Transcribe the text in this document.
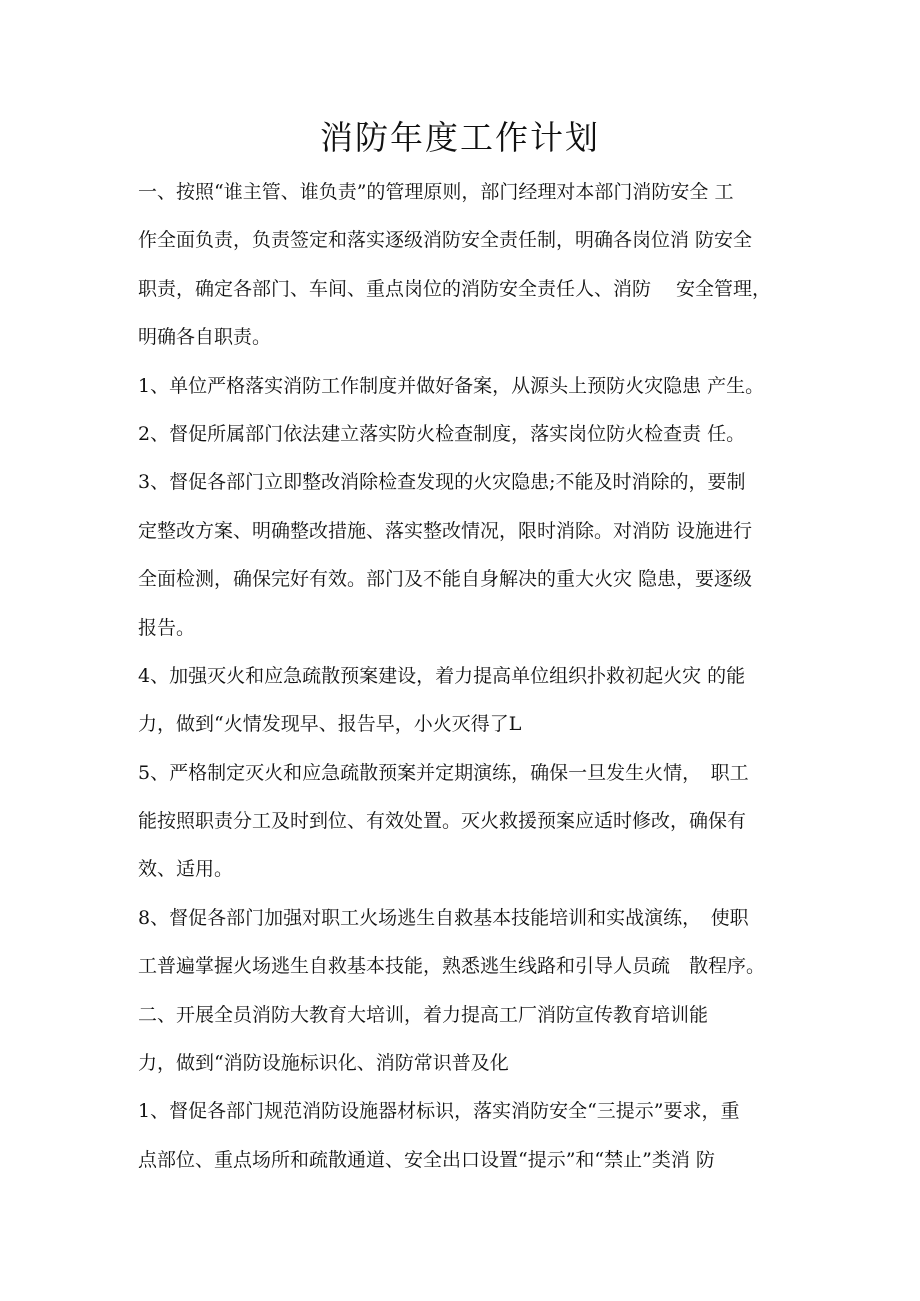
消防年度工作计划
一、按照“谁主管、谁负责”的管理原则，部门经理对本部门消防安全 工
作全面负责，负责签定和落实逐级消防安全责任制，明确各岗位消 防安全
职责，确定各部门、车间、重点岗位的消防安全责任人、消防　 安全管理，
明确各自职责。
1、单位严格落实消防工作制度并做好备案，从源头上预防火灾隐患 产生。
2、督促所属部门依法建立落实防火检查制度，落实岗位防火检查责 任。
3、督促各部门立即整改消除检查发现的火灾隐患;不能及时消除的，要制
定整改方案、明确整改措施、落实整改情况，限时消除。对消防 设施进行
全面检测，确保完好有效。部门及不能自身解决的重大火灾 隐患，要逐级
报告。
4、加强灭火和应急疏散预案建设，着力提高单位组织扑救初起火灾 的能
力，做到“火情发现早、报告早，小火灭得了L
5、严格制定灭火和应急疏散预案并定期演练，确保一旦发生火情，　职工
能按照职责分工及时到位、有效处置。灭火救援预案应适时修改，确保有
效、适用。
8、督促各部门加强对职工火场逃生自救基本技能培训和实战演练，　使职
工普遍掌握火场逃生自救基本技能，熟悉逃生线路和引导人员疏　散程序。
二、开展全员消防大教育大培训，着力提高工厂消防宣传教育培训能
力，做到“消防设施标识化、消防常识普及化
1、督促各部门规范消防设施器材标识，落实消防安全“三提示”要求，重
点部位、重点场所和疏散通道、安全出口设置“提示”和“禁止”类消 防
